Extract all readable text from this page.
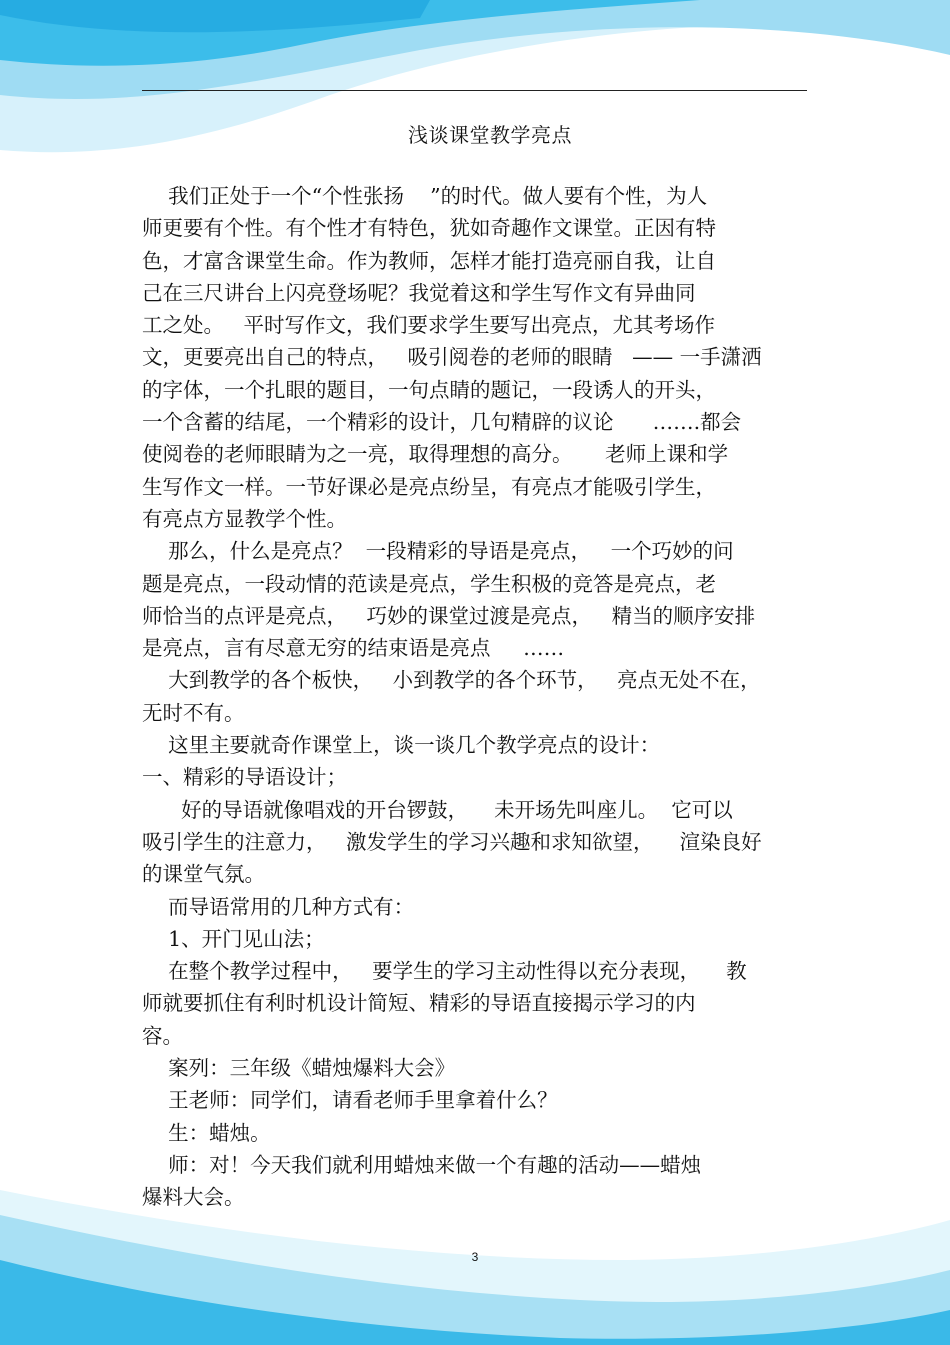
浅谈课堂教学亮点
我们正处于一个“个性张扬    ”的时代。做人要有个性，为人
师更要有个性。有个性才有特色，犹如奇趣作文课堂。正因有特
色，才富含课堂生命。作为教师，怎样才能打造亮丽自我，让自
己在三尺讲台上闪亮登场呢？我觉着这和学生写作文有异曲同
工之处。   平时写作文，我们要求学生要写出亮点，尤其考场作
文，更要亮出自己的特点，   吸引阅卷的老师的眼睛   —— 一手潇洒
的字体，一个扎眼的题目，一句点睛的题记，一段诱人的开头，
一个含蓄的结尾，一个精彩的设计，几句精辟的议论      …….都会
使阅卷的老师眼睛为之一亮，取得理想的高分。     老师上课和学
生写作文一样。一节好课必是亮点纷呈，有亮点才能吸引学生，
有亮点方显教学个性。
那么，什么是亮点？  一段精彩的导语是亮点，   一个巧妙的问
题是亮点，一段动情的范读是亮点，学生积极的竞答是亮点，老
师恰当的点评是亮点，   巧妙的课堂过渡是亮点，   精当的顺序安排
是亮点，言有尽意无穷的结束语是亮点     ……
大到教学的各个板快，   小到教学的各个环节，   亮点无处不在，
无时不有。
这里主要就奇作课堂上，谈一谈几个教学亮点的设计：
一、精彩的导语设计；
好的导语就像唱戏的开台锣鼓，    未开场先叫座儿。  它可以
吸引学生的注意力，   激发学生的学习兴趣和求知欲望，    渲染良好
的课堂气氛。
而导语常用的几种方式有：
1、开门见山法；
在整个教学过程中，   要学生的学习主动性得以充分表现，    教
师就要抓住有利时机设计简短、精彩的导语直接揭示学习的内
容。
案列：三年级《蜡烛爆料大会》
王老师：同学们，请看老师手里拿着什么？
生：蜡烛。
师：对！今天我们就利用蜡烛来做一个有趣的活动——蜡烛
爆料大会。
3
